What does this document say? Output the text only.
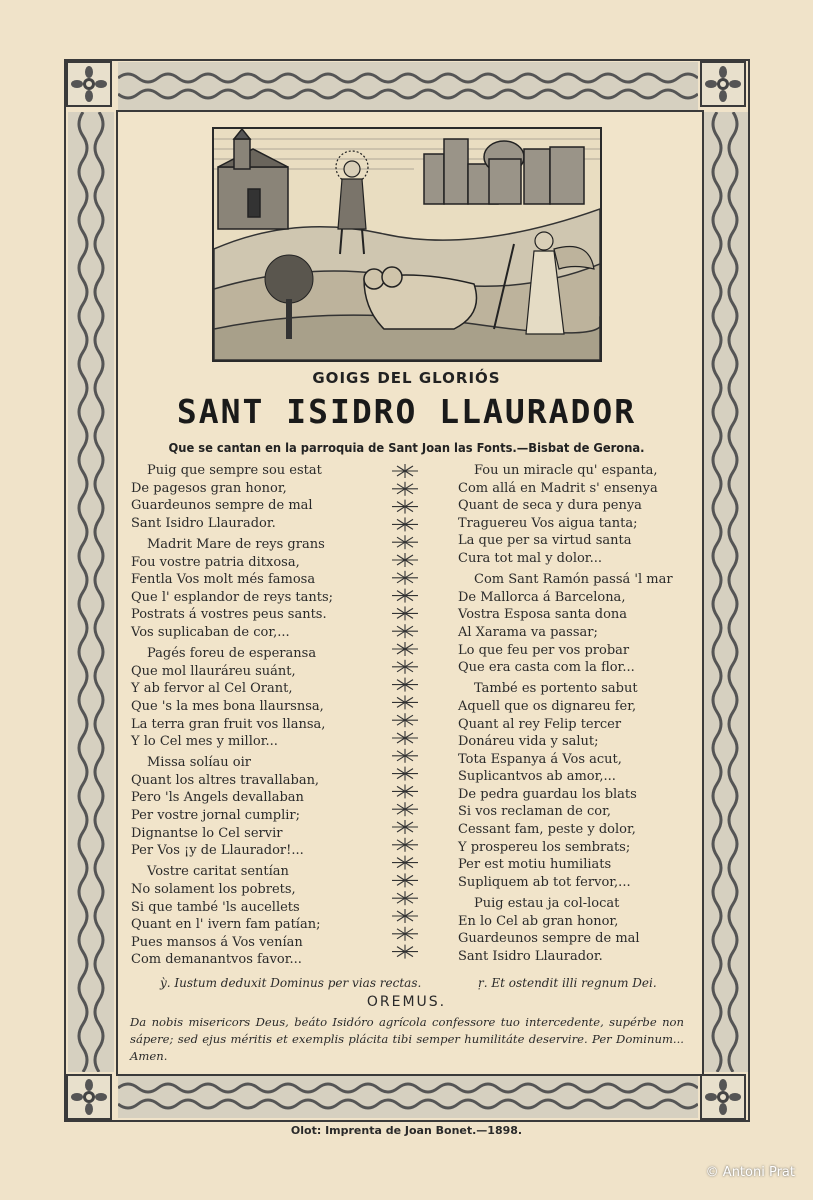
GOIGS DEL GLORIÓS
SANT ISIDRO LLAURADOR
Que se cantan en la parroquia de Sant Joan las Fonts.—Bisbat de Gerona.
Puig que sempre sou estat
De pagesos gran honor,
Guardeunos sempre de mal
Sant Isidro Llaurador.
Madrit Mare de reys grans
Fou vostre patria ditxosa,
Fentla Vos molt més famosa
Que l' esplandor de reys tants;
Postrats á vostres peus sants.
Vos suplicaban de cor,...
Pagés foreu de esperansa
Que mol llauráreu suánt,
Y ab fervor al Cel Orant,
Que 's la mes bona llaursnsa,
La terra gran fruit vos llansa,
Y lo Cel mes y millor...
Missa solíau oir
Quant los altres travallaban,
Pero 'ls Angels devallaban
Per vostre jornal cumplir;
Dignantse lo Cel servir
Per Vos ¡y de Llaurador!...
Vostre caritat sentían
No solament los pobrets,
Si que també 'ls aucellets
Quant en l' ivern fam patían;
Pues mansos á Vos venían
Com demanantvos favor...
Fou un miracle qu' espanta,
Com allá en Madrit s' ensenya
Quant de seca y dura penya
Traguereu Vos aigua tanta;
La que per sa virtud santa
Cura tot mal y dolor...
Com Sant Ramón passá 'l mar
De Mallorca á Barcelona,
Vostra Esposa santa dona
Al Xarama va passar;
Lo que feu per vos probar
Que era casta com la flor...
També es portento sabut
Aquell que os dignareu fer,
Quant al rey Felip tercer
Donáreu vida y salut;
Tota Espanya á Vos acut,
Suplicantvos ab amor,...
De pedra guardau los blats
Si vos reclaman de cor,
Cessant fam, peste y dolor,
Y prospereu los sembrats;
Per est motiu humiliats
Supliquem ab tot fervor,...
Puig estau ja col-locat
En lo Cel ab gran honor,
Guardeunos sempre de mal
Sant Isidro Llaurador.
ỳ. Iustum deduxit Dominus per vias rectas.	ṛ. Et ostendit illi regnum Dei.
OREMUS.
Da nobis misericors Deus, beáto Isidóro agrícola confessore tuo intercedente, supérbe non sápere; sed ejus méritis et exemplis plácita tibi semper humilitáte deservire. Per Dominum... Amen.
Olot: Imprenta de Joan Bonet.—1898.
© Antoni Prat
